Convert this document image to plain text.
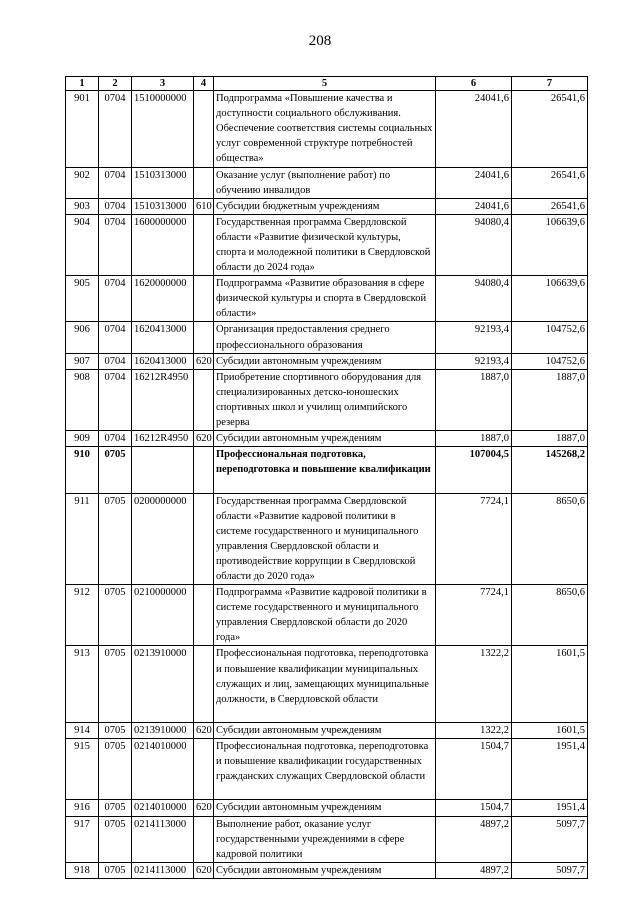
208
1	2	3	4	5	6	7
901	0704	1510000000		Подпрограмма «Повышение качества и доступности социального обслуживания. Обеспечение соответствия системы социальных услуг современной структуре потребностей общества»	24041,6	26541,6
902	0704	1510313000		Оказание услуг (выполнение работ) по обучению инвалидов	24041,6	26541,6
903	0704	1510313000	610	Субсидии бюджетным учреждениям	24041,6	26541,6
904	0704	1600000000		Государственная программа Свердловской области «Развитие физической культуры, спорта и молодежной политики в Свердловской области до 2024 года»	94080,4	106639,6
905	0704	1620000000		Подпрограмма «Развитие образования в сфере физической культуры и спорта в Свердловской области»	94080,4	106639,6
906	0704	1620413000		Организация предоставления среднего профессионального образования	92193,4	104752,6
907	0704	1620413000	620	Субсидии автономным учреждениям	92193,4	104752,6
908	0704	16212R4950		Приобретение спортивного оборудования для специализированных детско-юношеских спортивных школ и училищ олимпийского резерва	1887,0	1887,0
909	0704	16212R4950	620	Субсидии автономным учреждениям	1887,0	1887,0
910	0705			Профессиональная подготовка, переподготовка и повышение квалификации	107004,5	145268,2
911	0705	0200000000		Государственная программа Свердловской области «Развитие кадровой политики в системе государственного и муниципального управления Свердловской области и противодействие коррупции в Свердловской области до 2020 года»	7724,1	8650,6
912	0705	0210000000		Подпрограмма «Развитие кадровой политики в системе государственного и муниципального управления Свердловской области до 2020 года»	7724,1	8650,6
913	0705	0213910000		Профессиональная подготовка, переподготовка и повышение квалификации муниципальных служащих и лиц, замещающих муниципальные должности, в Свердловской области	1322,2	1601,5
914	0705	0213910000	620	Субсидии автономным учреждениям	1322,2	1601,5
915	0705	0214010000		Профессиональная подготовка, переподготовка и повышение квалификации государственных гражданских служащих Свердловской области	1504,7	1951,4
916	0705	0214010000	620	Субсидии автономным учреждениям	1504,7	1951,4
917	0705	0214113000		Выполнение работ, оказание услуг государственными учреждениями в сфере кадровой политики	4897,2	5097,7
918	0705	0214113000	620	Субсидии автономным учреждениям	4897,2	5097,7
